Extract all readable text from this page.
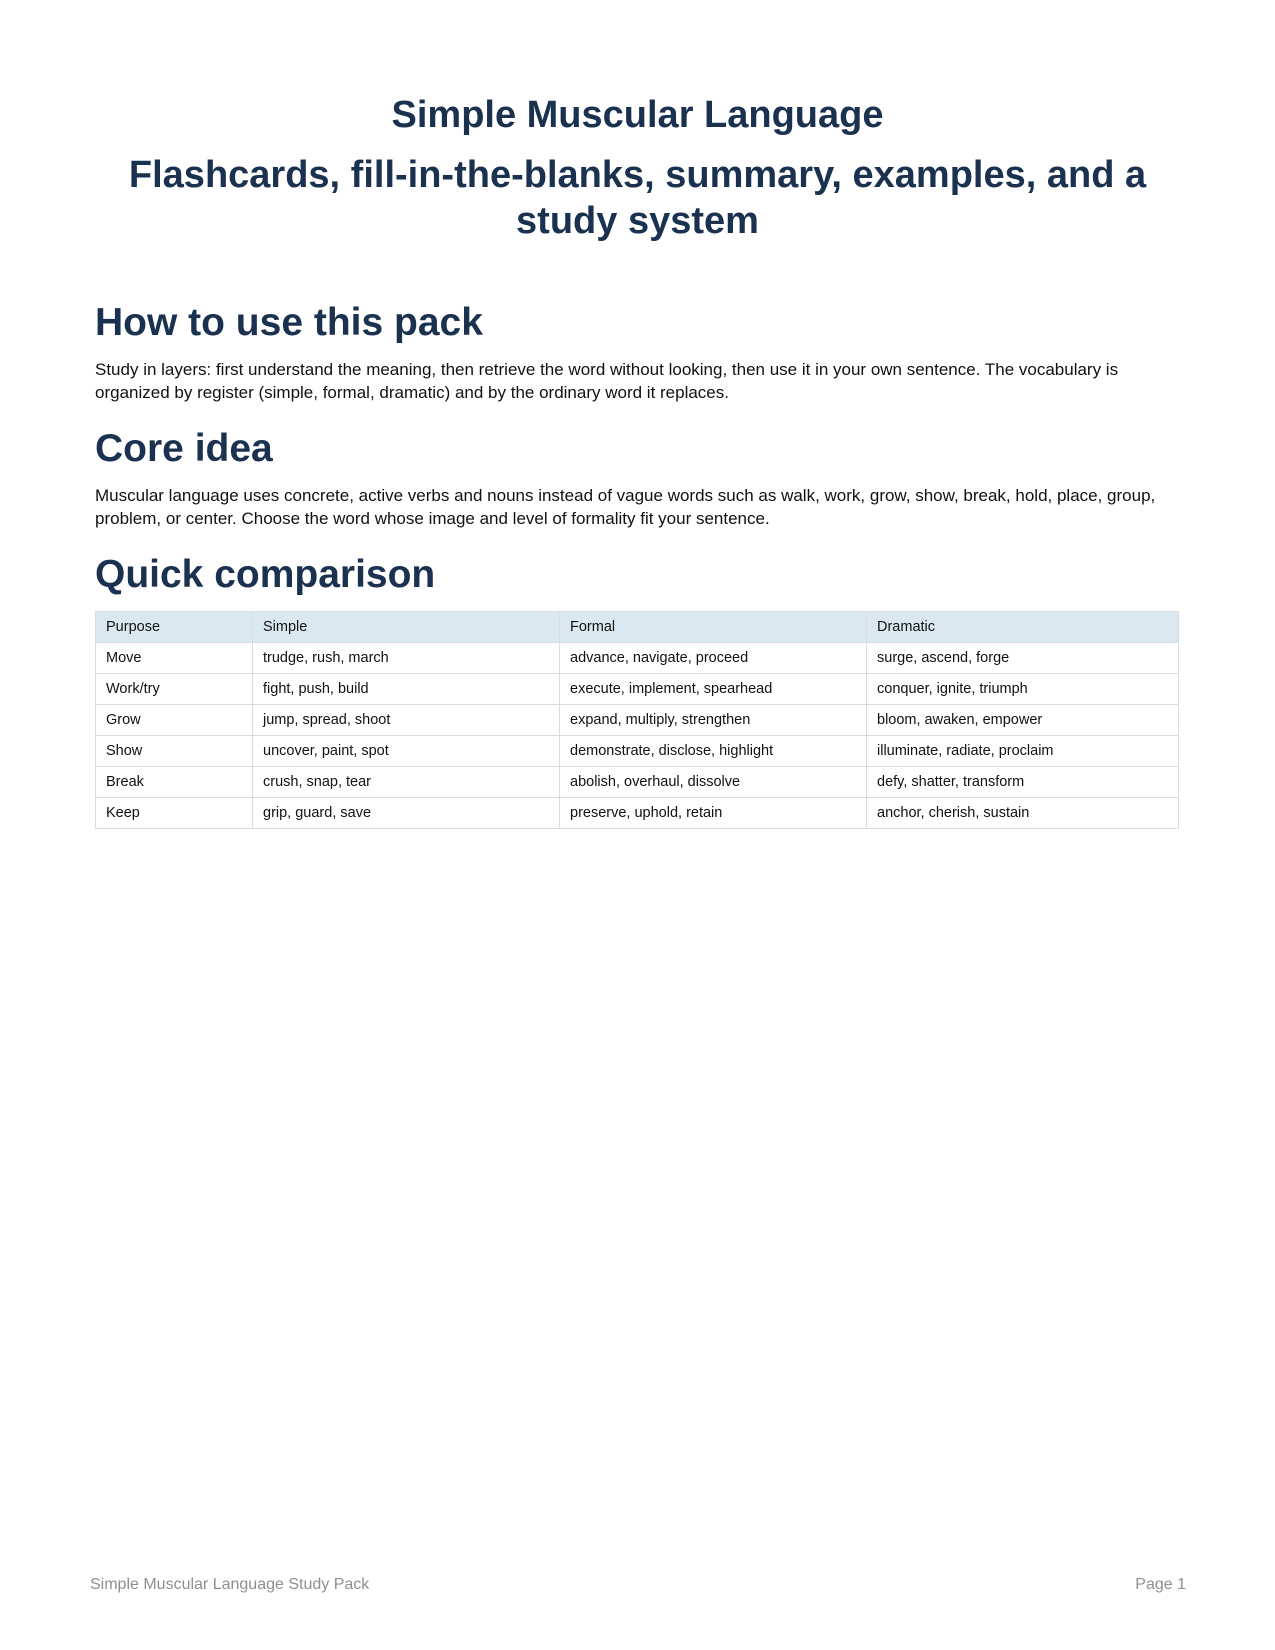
Simple Muscular Language
Flashcards, fill-in-the-blanks, summary, examples, and a study system
How to use this pack

Study in layers: first understand the meaning, then retrieve the word without looking, then use it in your own sentence. The vocabulary is organized by register (simple, formal, dramatic) and by the ordinary word it replaces.

Core idea

Muscular language uses concrete, active verbs and nouns instead of vague words such as walk, work, grow, show, break, hold, place, group, problem, or center. Choose the word whose image and level of formality fit your sentence.

Quick comparison
Purpose	Simple	Formal	Dramatic
Move	trudge, rush, march	advance, navigate, proceed	surge, ascend, forge
Work/try	fight, push, build	execute, implement, spearhead	conquer, ignite, triumph
Grow	jump, spread, shoot	expand, multiply, strengthen	bloom, awaken, empower
Show	uncover, paint, spot	demonstrate, disclose, highlight	illuminate, radiate, proclaim
Break	crush, snap, tear	abolish, overhaul, dissolve	defy, shatter, transform
Keep	grip, guard, save	preserve, uphold, retain	anchor, cherish, sustain
Simple Muscular Language Study Pack	Page 1
